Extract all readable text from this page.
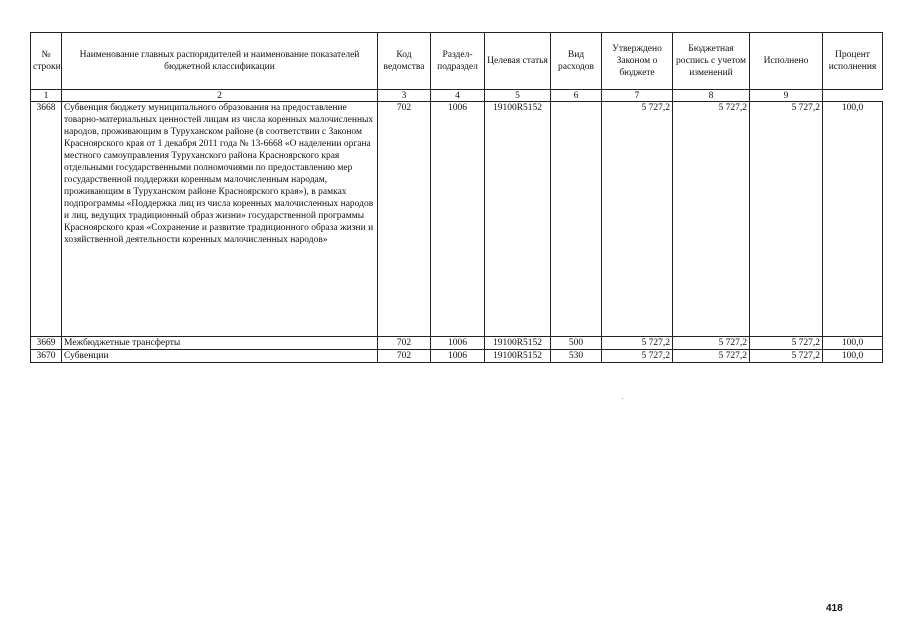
№ строки	Наименование главных распорядителей и наименование показателей бюджетной классификации	Код ведомства	Раздел-подраздел	Целевая статья	Вид расходов	Утверждено Законом о бюджете	Бюджетная роспись с учетом изменений	Исполнено	Процент исполнения
1	2	3	4	5	6	7	8	9	
3668	Субвенция бюджету муниципального образования на предоставление товарно-материальных ценностей лицам из числа коренных малочисленных народов, проживающим в Туруханском районе (в соответствии с Законом Красноярского края от 1 декабря 2011 года № 13-6668 «О наделении органа местного самоуправления Туруханского района Красноярского края отдельными государственными полномочиями по предоставлению мер государственной поддержки коренным малочисленным народам, проживающим в Туруханском районе Красноярского края»), в рамках подпрограммы «Поддержка лиц из числа коренных малочисленных народов и лиц, ведущих традиционный образ жизни» государственной программы Красноярского края «Сохранение и развитие традиционного образа жизни и хозяйственной деятельности коренных малочисленных народов»	702	1006	19100R5152		5 727,2	5 727,2	5 727,2	100,0
3669	Межбюджетные трансферты	702	1006	19100R5152	500	5 727,2	5 727,2	5 727,2	100,0
3670	Субвенции	702	1006	19100R5152	530	5 727,2	5 727,2	5 727,2	100,0
418
